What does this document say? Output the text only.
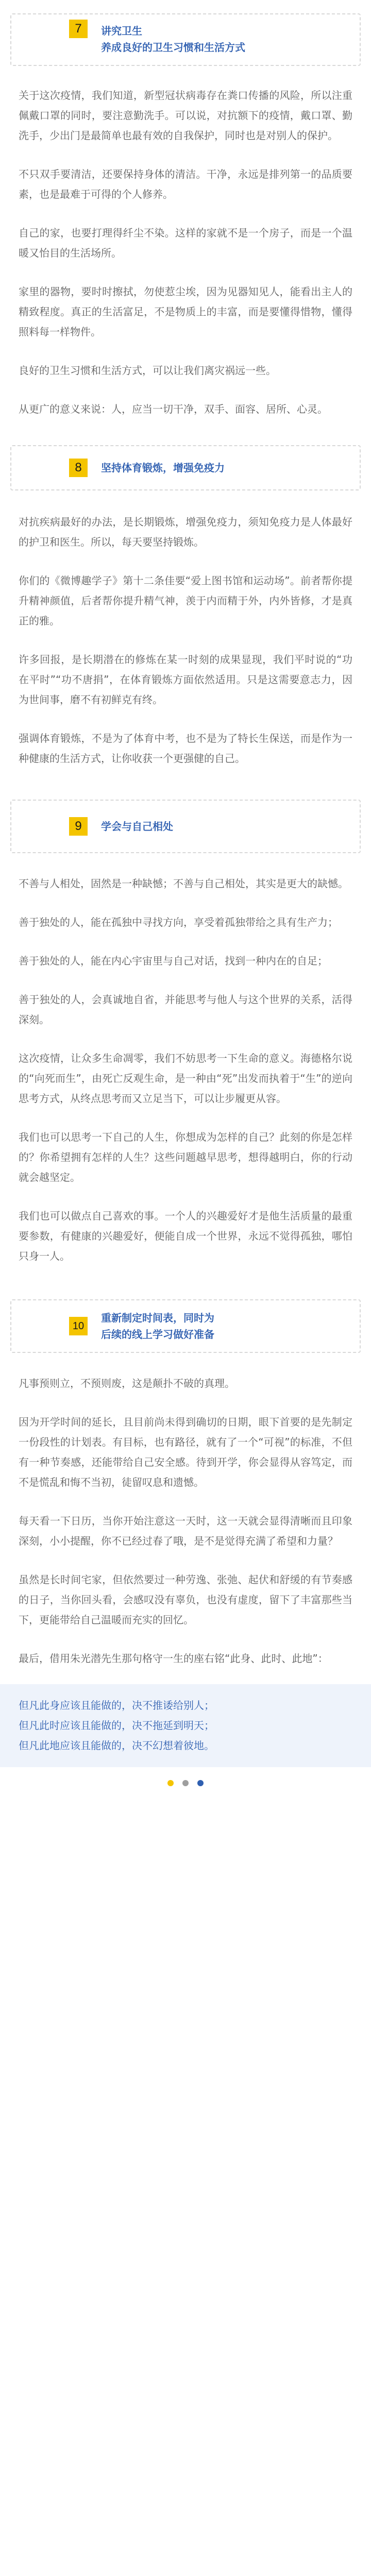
7	讲究卫生
养成良好的卫生习惯和生活方式

关于这次疫情，我们知道，新型冠状病毒存在粪口传播的风险，所以注重佩戴口罩的同时，要注意勤洗手。可以说，对抗额下的疫情，戴口罩、勤洗手，少出门是最简单也最有效的自我保护，同时也是对别人的保护。

不只双手要清洁，还要保持身体的清洁。干净，永远是排列第一的品质要素，也是最难于可得的个人修养。

自己的家，也要打理得纤尘不染。这样的家就不是一个房子，而是一个温暖又怡目的生活场所。

家里的器物，要时时擦拭，勿使惹尘埃，因为见器知见人，能看出主人的精致程度。真正的生活富足，不是物质上的丰富，而是要懂得惜物，懂得照料每一样物件。

良好的卫生习惯和生活方式，可以让我们离灾祸远一些。

从更广的意义来说：人，应当一切干净，双手、面容、居所、心灵。

8	坚持体育锻炼，增强免疫力

对抗疾病最好的办法，是长期锻炼，增强免疫力，须知免疫力是人体最好的护卫和医生。所以，每天要坚持锻炼。

你们的《微博趣学子》第十二条佳要“爱上图书馆和运动场”。前者帮你提升精神颜值，后者帮你提升精气神，羡于内而精于外，内外皆修，才是真正的雅。

许多回报，是长期潜在的修炼在某一时刻的成果显现，我们平时说的“功在平时”“功不唐捐”，在体育锻炼方面依然适用。只是这需要意志力，因为世间事，磨不有初鲜克有终。

强调体育锻炼，不是为了体育中考，也不是为了特长生保送，而是作为一种健康的生活方式，让你收获一个更强健的自己。

9	学会与自己相处

不善与人相处，固然是一种缺憾；不善与自己相处，其实是更大的缺憾。

善于独处的人，能在孤独中寻找方向，享受着孤独带给之具有生产力；

善于独处的人，能在内心宇宙里与自己对话，找到一种内在的自足；

善于独处的人，会真诚地自省，并能思考与他人与这个世界的关系，活得深刻。

这次疫情，让众多生命凋零，我们不妨思考一下生命的意义。海德格尔说的“向死而生”，由死亡反观生命，是一种由“死”出发而执着于“生”的逆向思考方式，从终点思考而又立足当下，可以让步履更从容。

我们也可以思考一下自己的人生，你想成为怎样的自己？此刻的你是怎样的？你希望拥有怎样的人生？这些问题越早思考，想得越明白，你的行动就会越坚定。

我们也可以做点自己喜欢的事。一个人的兴趣爱好才是他生活质量的最重要参数，有健康的兴趣爱好，便能自成一个世界，永远不觉得孤独，哪怕只身一人。

10
重新制定时间表，同时为
后续的线上学习做好准备

凡事预则立，不预则废，这是颠扑不破的真理。

因为开学时间的延长，且目前尚未得到确切的日期，眼下首要的是先制定一份段性的计划表。有目标，也有路径，就有了一个“可视”的标准，不但有一种节奏感，还能带给自己安全感。待到开学，你会显得从容笃定，而不是慌乱和悔不当初，徒留叹息和遗憾。

每天看一下日历，当你开始注意这一天时，这一天就会显得清晰而且印象深刻，小小提醒，你不已经过春了哦，是不是觉得充满了希望和力量？

虽然是长时间宅家，但依然要过一种劳逸、张弛、起伏和舒缓的有节奏感的日子，当你回头看，会感叹没有辜负，也没有虚度，留下了丰富那些当下，更能带给自己温暖而充实的回忆。

最后，借用朱光潜先生那句格守一生的座右铭“此身、此时、此地”：

但凡此身应该且能做的，决不推诿给别人；

但凡此时应该且能做的，决不拖延到明天；

但凡此地应该且能做的，决不幻想着彼地。
